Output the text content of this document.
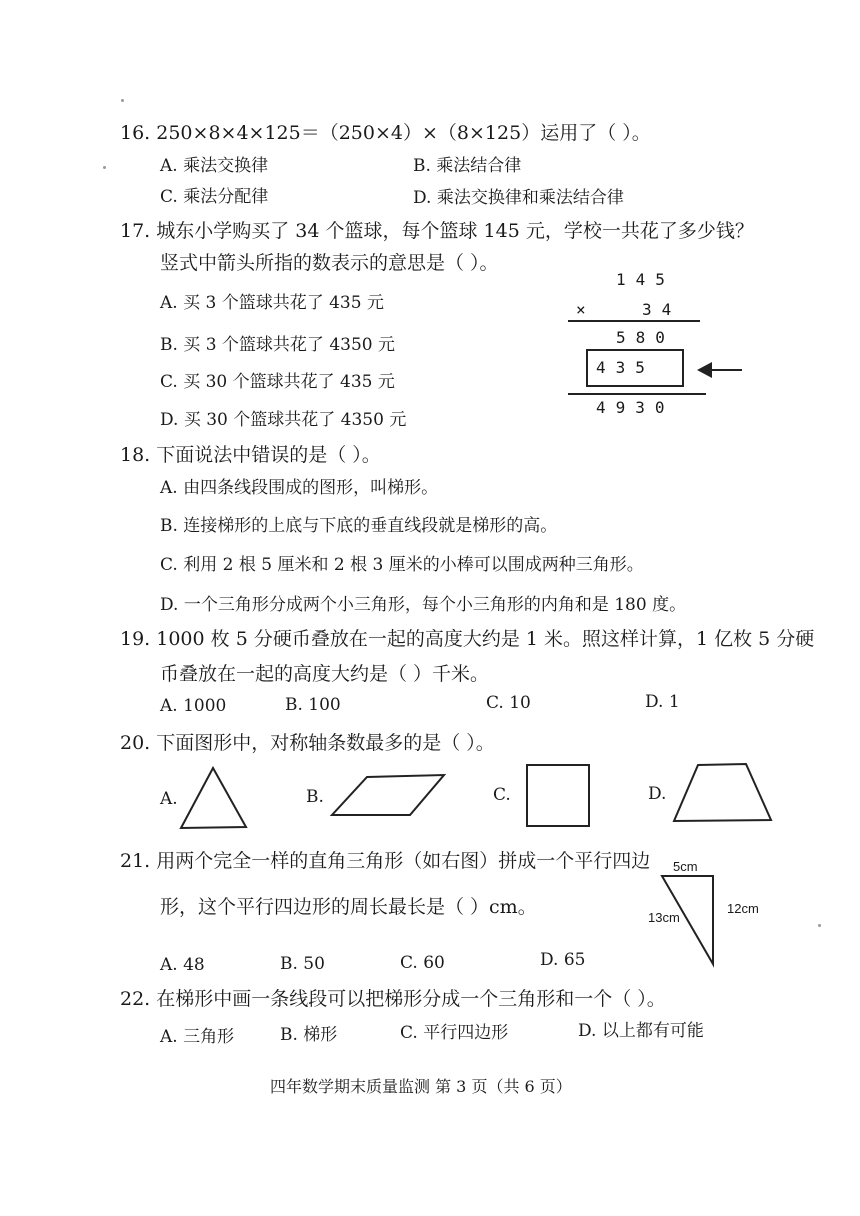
16. 250×8×4×125＝（250×4）×（8×125）运用了（ ）。
A. 乘法交换律	B. 乘法结合律
C. 乘法分配律	D. 乘法交换律和乘法结合律
17. 城东小学购买了 34 个篮球，每个篮球 145 元，学校一共花了多少钱？
竖式中箭头所指的数表示的意思是（ ）。
A. 买 3 个篮球共花了 435 元
B. 买 3 个篮球共花了 4350 元
C. 买 30 个篮球共花了 435 元
D. 买 30 个篮球共花了 4350 元
145
×	34
580
435
4930
18. 下面说法中错误的是（ ）。
A. 由四条线段围成的图形，叫梯形。
B. 连接梯形的上底与下底的垂直线段就是梯形的高。
C. 利用 2 根 5 厘米和 2 根 3 厘米的小棒可以围成两种三角形。
D. 一个三角形分成两个小三角形，每个小三角形的内角和是 180 度。
19. 1000 枚 5 分硬币叠放在一起的高度大约是 1 米。照这样计算，1 亿枚 5 分硬
币叠放在一起的高度大约是（ ）千米。
A. 1000	B. 100	C. 10	D. 1
20. 下面图形中，对称轴条数最多的是（ ）。
A.	B.	C.	D.
21. 用两个完全一样的直角三角形（如右图）拼成一个平行四边
形，这个平行四边形的周长最长是（ ）cm。
A. 48	B. 50	C. 60	D. 65
5cm
13cm
12cm
22. 在梯形中画一条线段可以把梯形分成一个三角形和一个（ ）。
A. 三角形	B. 梯形	C. 平行四边形	D. 以上都有可能
四年数学期末质量监测 第 3 页（共 6 页）
